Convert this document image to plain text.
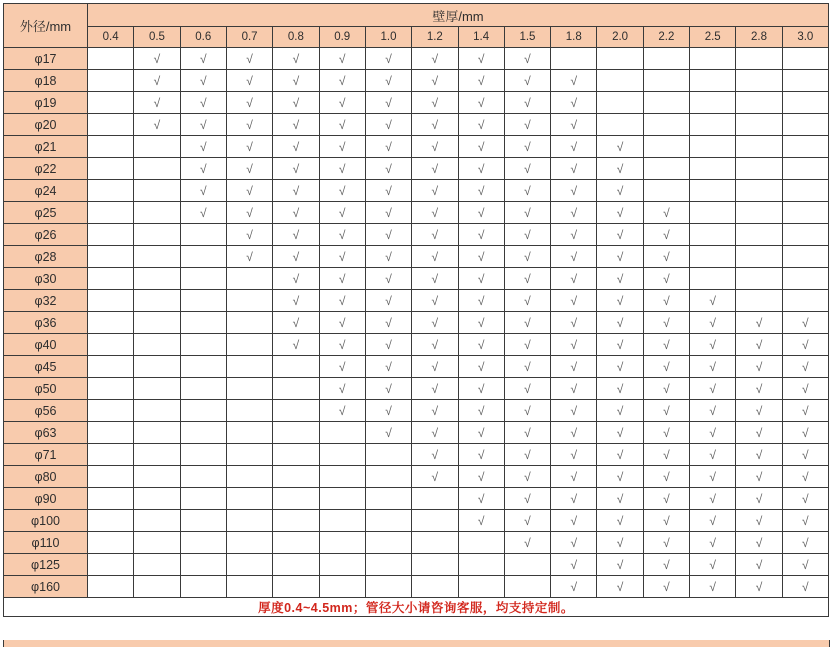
外径/mm	壁厚/mm															
	0.4	0.5	0.6	0.7	0.8	0.9	1.0	1.2	1.4	1.5	1.8	2.0	2.2	2.5	2.8	3.0
φ17		√	√	√	√	√	√	√	√	√						
φ18		√	√	√	√	√	√	√	√	√	√					
φ19		√	√	√	√	√	√	√	√	√	√					
φ20		√	√	√	√	√	√	√	√	√	√					
φ21			√	√	√	√	√	√	√	√	√	√				
φ22			√	√	√	√	√	√	√	√	√	√				
φ24			√	√	√	√	√	√	√	√	√	√				
φ25			√	√	√	√	√	√	√	√	√	√	√			
φ26				√	√	√	√	√	√	√	√	√	√			
φ28				√	√	√	√	√	√	√	√	√	√			
φ30					√	√	√	√	√	√	√	√	√			
φ32					√	√	√	√	√	√	√	√	√	√		
φ36					√	√	√	√	√	√	√	√	√	√	√	√
φ40					√	√	√	√	√	√	√	√	√	√	√	√
φ45						√	√	√	√	√	√	√	√	√	√	√
φ50						√	√	√	√	√	√	√	√	√	√	√
φ56						√	√	√	√	√	√	√	√	√	√	√
φ63							√	√	√	√	√	√	√	√	√	√
φ71								√	√	√	√	√	√	√	√	√
φ80								√	√	√	√	√	√	√	√	√
φ90									√	√	√	√	√	√	√	√
φ100									√	√	√	√	√	√	√	√
φ110										√	√	√	√	√	√	√
φ125											√	√	√	√	√	√
φ160											√	√	√	√	√	√
厚度0.4~4.5mm；管径大小请咨询客服，均支持定制。																
